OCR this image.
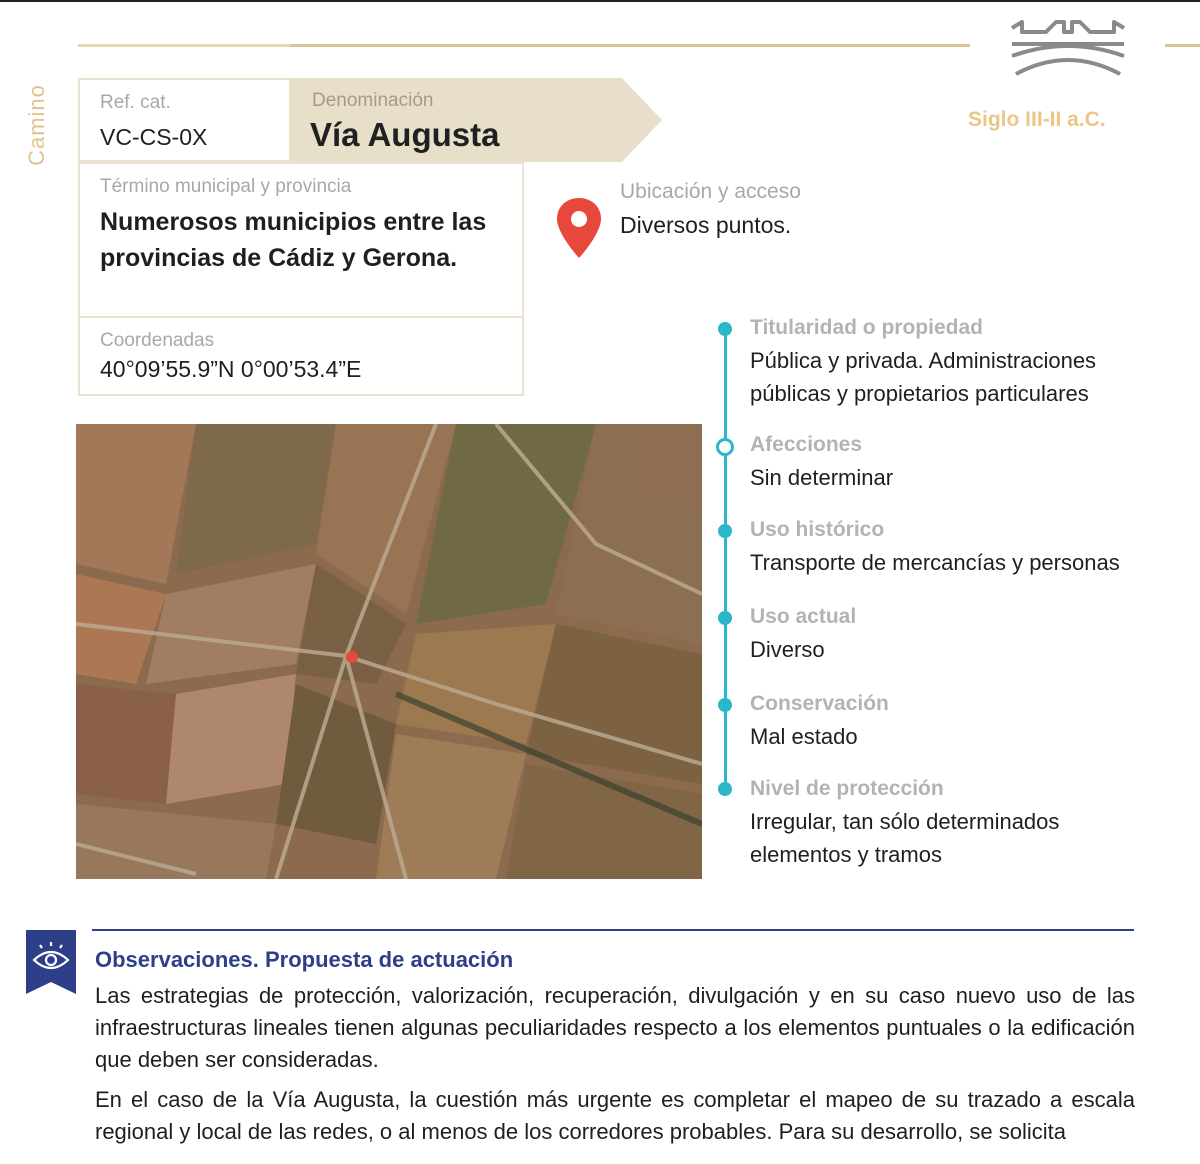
Camino	Siglo III-II a.C.
Ref. cat.
VC-CS-0X
Denominación
Vía Augusta
Término municipal y provincia
Numerosos municipios entre las provincias de Cádiz y Gerona.
Coordenadas
40°09’55.9”N 0°00’53.4”E
Ubicación y acceso
Diversos puntos.
Titularidad o propiedad
Pública y privada. Administraciones públicas y propietarios particulares
Afecciones
Sin determinar
Uso histórico
Transporte de mercancías y personas
Uso actual
Diverso
Conservación
Mal estado
Nivel de protección
Irregular, tan sólo determinados elementos y tramos
Observaciones. Propuesta de actuación

Las estrategias de protección, valorización, recuperación, divulgación y en su caso nuevo uso de las infraestructuras lineales tienen algunas peculiaridades respecto a los elementos puntuales o la edificación que deben ser consideradas.

En el caso de la Vía Augusta, la cuestión más urgente es completar el mapeo de su trazado a escala regional y local de las redes, o al menos de los corredores probables. Para su desarrollo, se solicita
